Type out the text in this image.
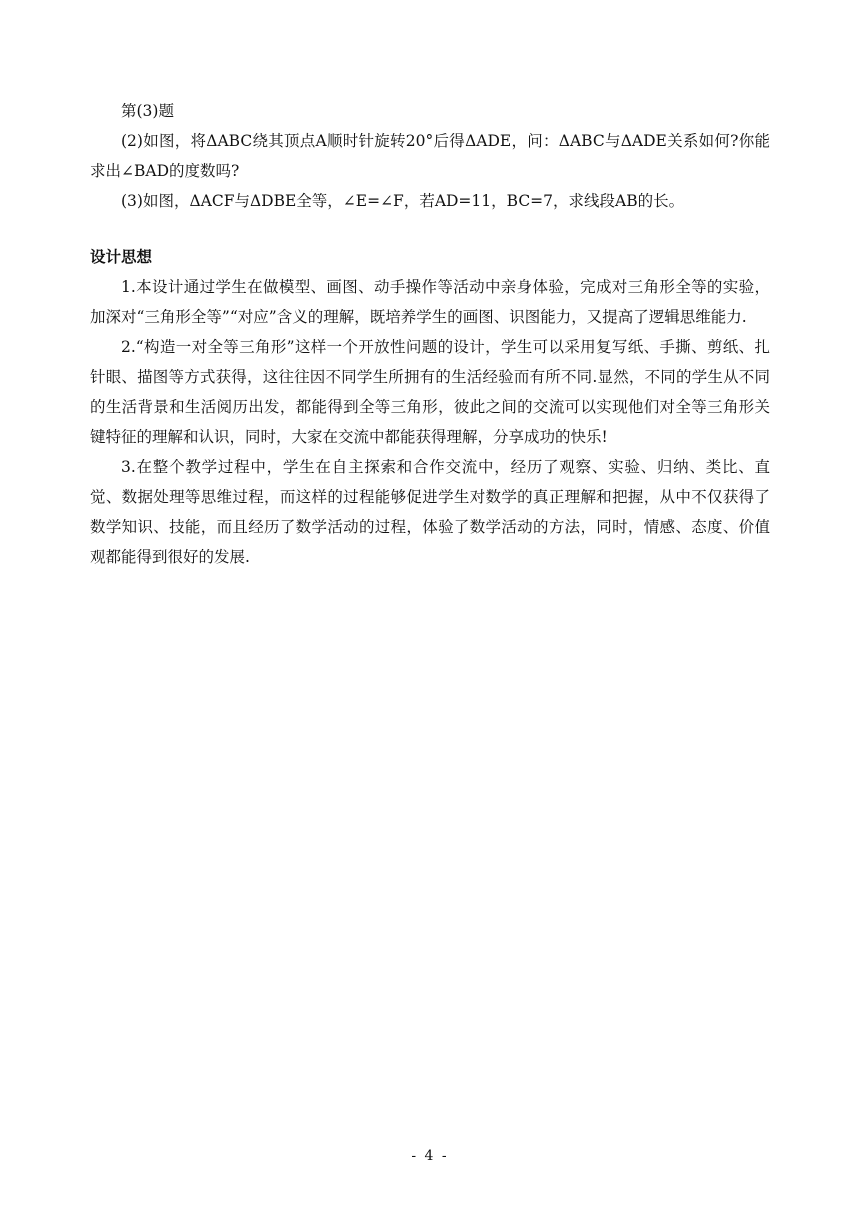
第(3)题

(2)如图，将ΔABC绕其顶点A顺时针旋转20°后得ΔADE，问：ΔABC与ΔADE关系如何?你能求出∠BAD的度数吗?

(3)如图，ΔACF与ΔDBE全等，∠E=∠F，若AD=11，BC=7，求线段AB的长。

设计思想

1.本设计通过学生在做模型、画图、动手操作等活动中亲身体验，完成对三角形全等的实验，加深对“三角形全等”“对应”含义的理解，既培养学生的画图、识图能力，又提高了逻辑思维能力.

2.“构造一对全等三角形”这样一个开放性问题的设计，学生可以采用复写纸、手撕、剪纸、扎针眼、描图等方式获得，这往往因不同学生所拥有的生活经验而有所不同.显然，不同的学生从不同的生活背景和生活阅历出发，都能得到全等三角形，彼此之间的交流可以实现他们对全等三角形关键特征的理解和认识，同时，大家在交流中都能获得理解，分享成功的快乐!

3.在整个教学过程中，学生在自主探索和合作交流中，经历了观察、实验、归纳、类比、直觉、数据处理等思维过程，而这样的过程能够促进学生对数学的真正理解和把握，从中不仅获得了数学知识、技能，而且经历了数学活动的过程，体验了数学活动的方法，同时，情感、态度、价值观都能得到很好的发展.

- 4 -
